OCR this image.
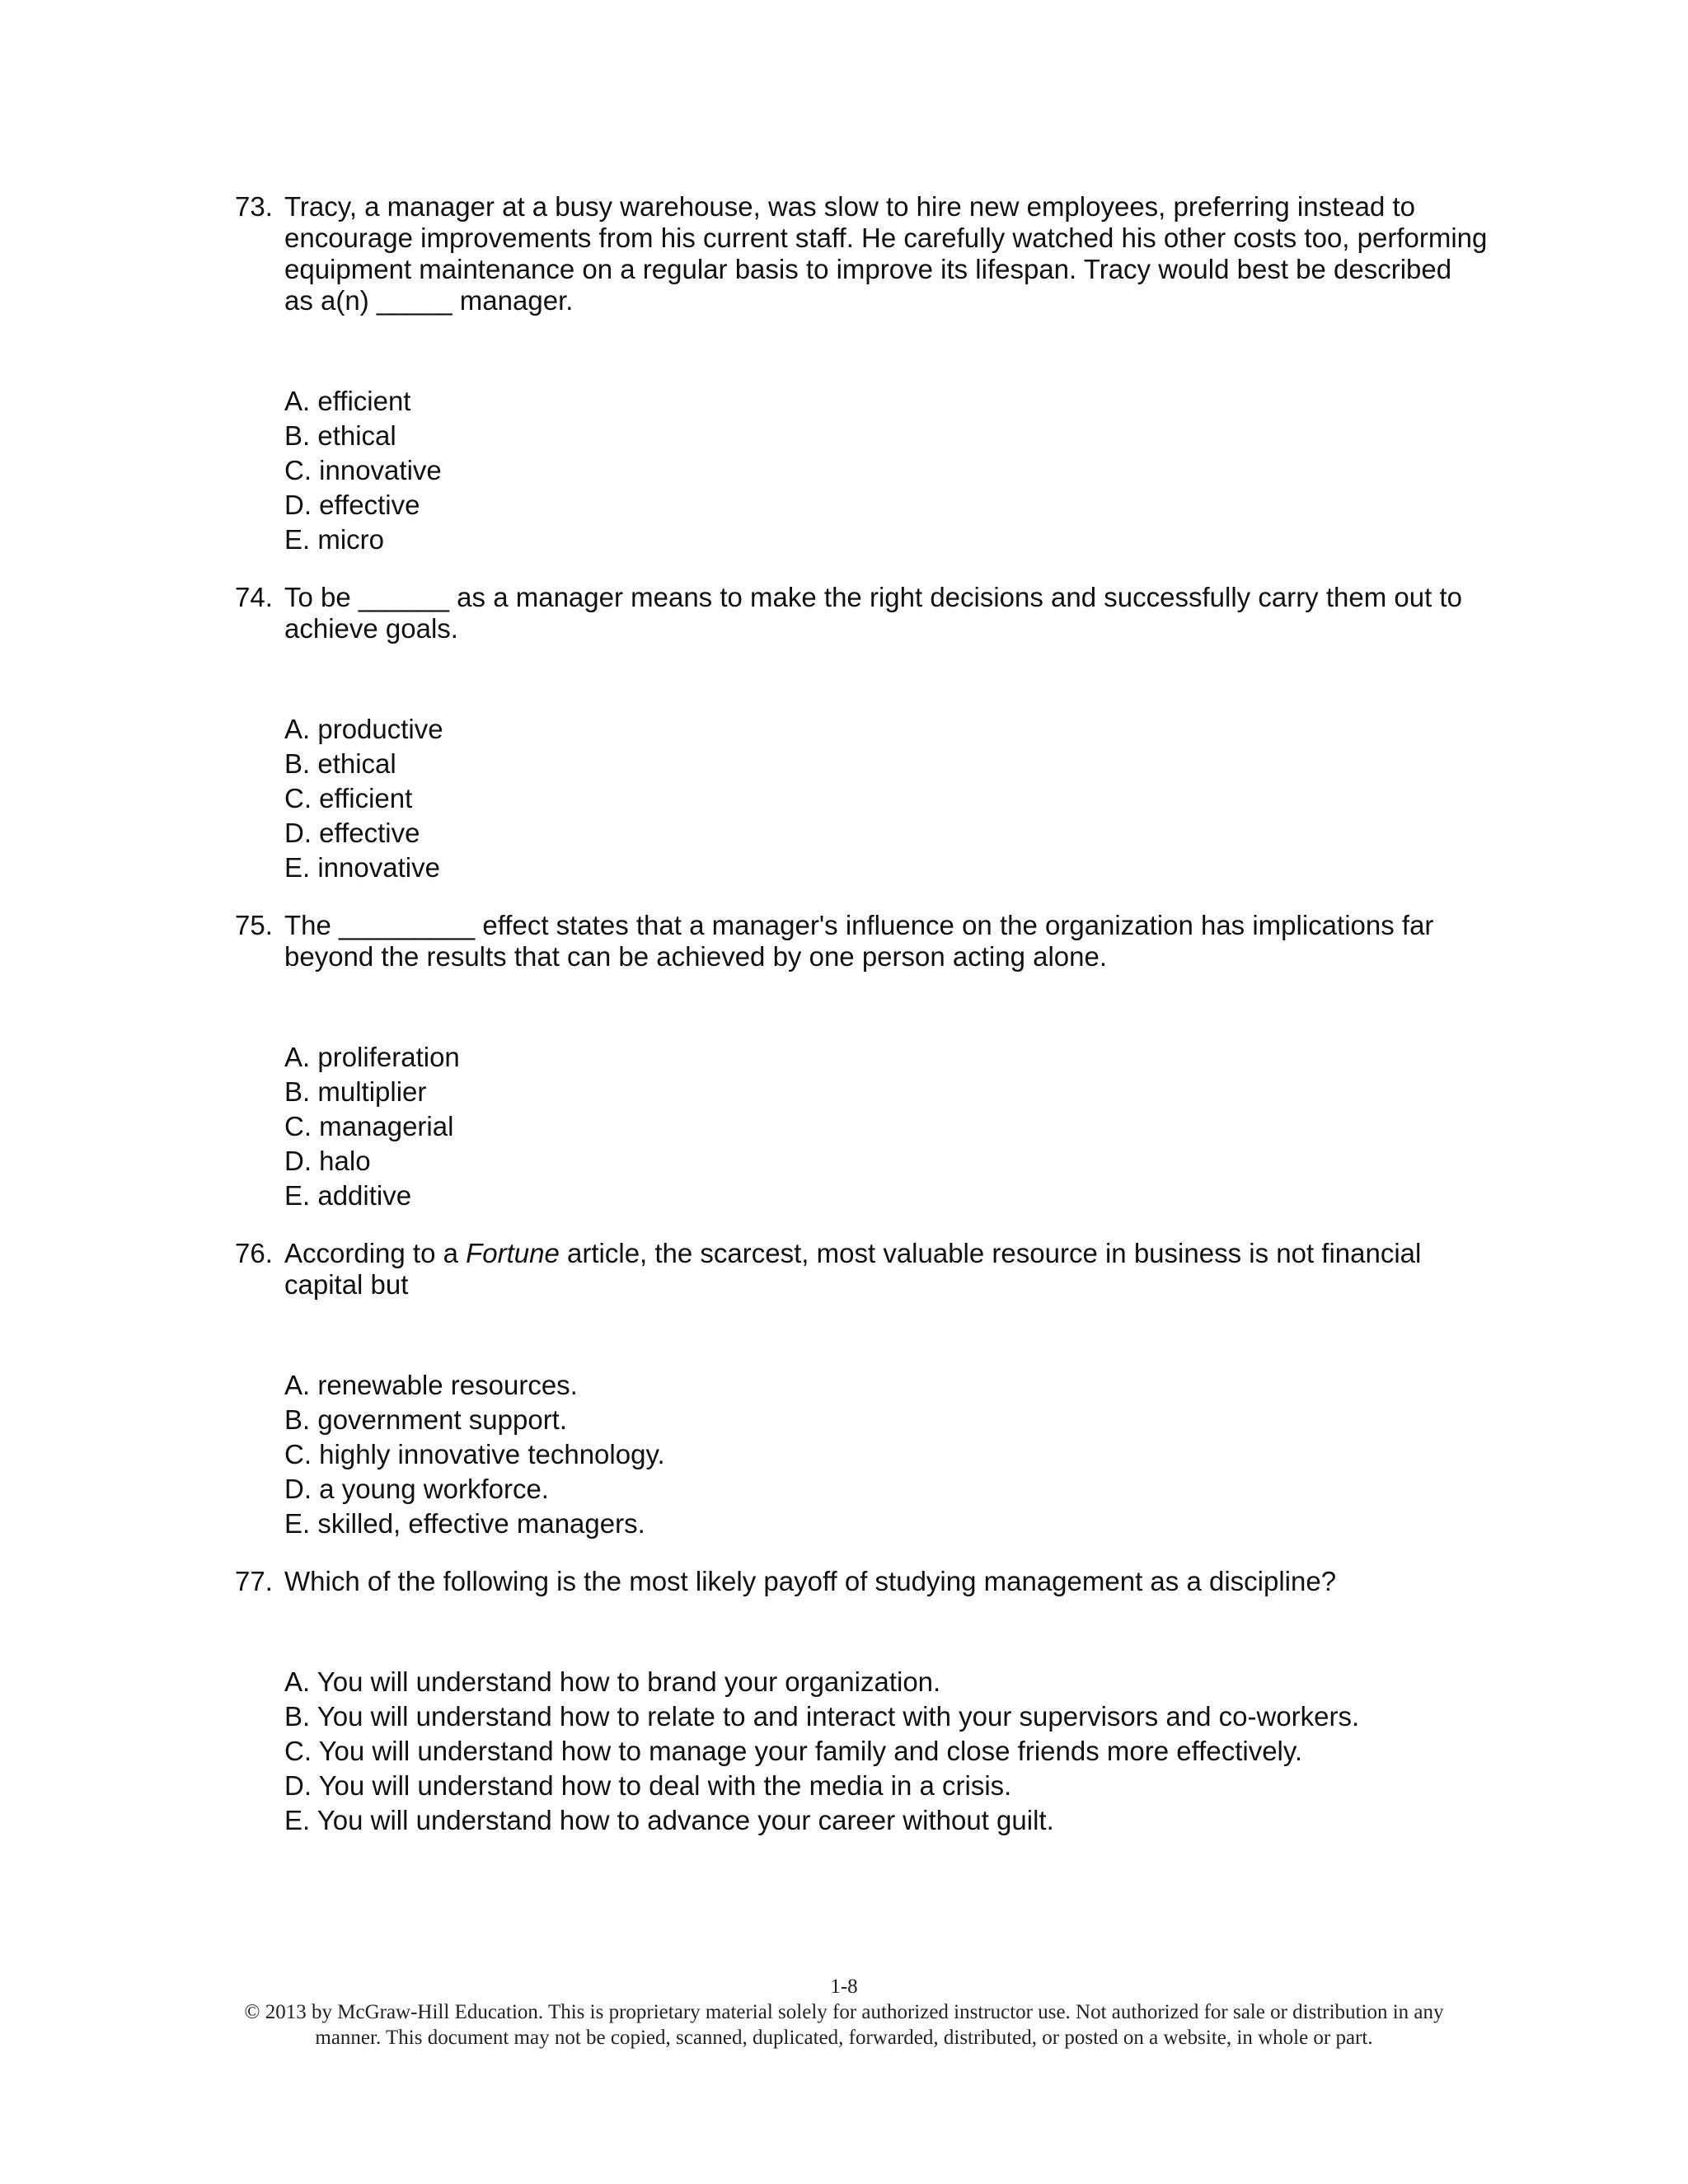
73. Tracy, a manager at a busy warehouse, was slow to hire new employees, preferring instead to encourage improvements from his current staff. He carefully watched his other costs too, performing equipment maintenance on a regular basis to improve its lifespan. Tracy would best be described as a(n) _____ manager.
A. efficient
B. ethical
C. innovative
D. effective
E. micro
74. To be ______ as a manager means to make the right decisions and successfully carry them out to achieve goals.
A. productive
B. ethical
C. efficient
D. effective
E. innovative
75. The _________ effect states that a manager's influence on the organization has implications far beyond the results that can be achieved by one person acting alone.
A. proliferation
B. multiplier
C. managerial
D. halo
E. additive
76. According to a Fortune article, the scarcest, most valuable resource in business is not financial capital but
A. renewable resources.
B. government support.
C. highly innovative technology.
D. a young workforce.
E. skilled, effective managers.
77. Which of the following is the most likely payoff of studying management as a discipline?
A. You will understand how to brand your organization.
B. You will understand how to relate to and interact with your supervisors and co-workers.
C. You will understand how to manage your family and close friends more effectively.
D. You will understand how to deal with the media in a crisis.
E. You will understand how to advance your career without guilt.
1-8
© 2013 by McGraw-Hill Education. This is proprietary material solely for authorized instructor use. Not authorized for sale or distribution in any manner. This document may not be copied, scanned, duplicated, forwarded, distributed, or posted on a website, in whole or part.
